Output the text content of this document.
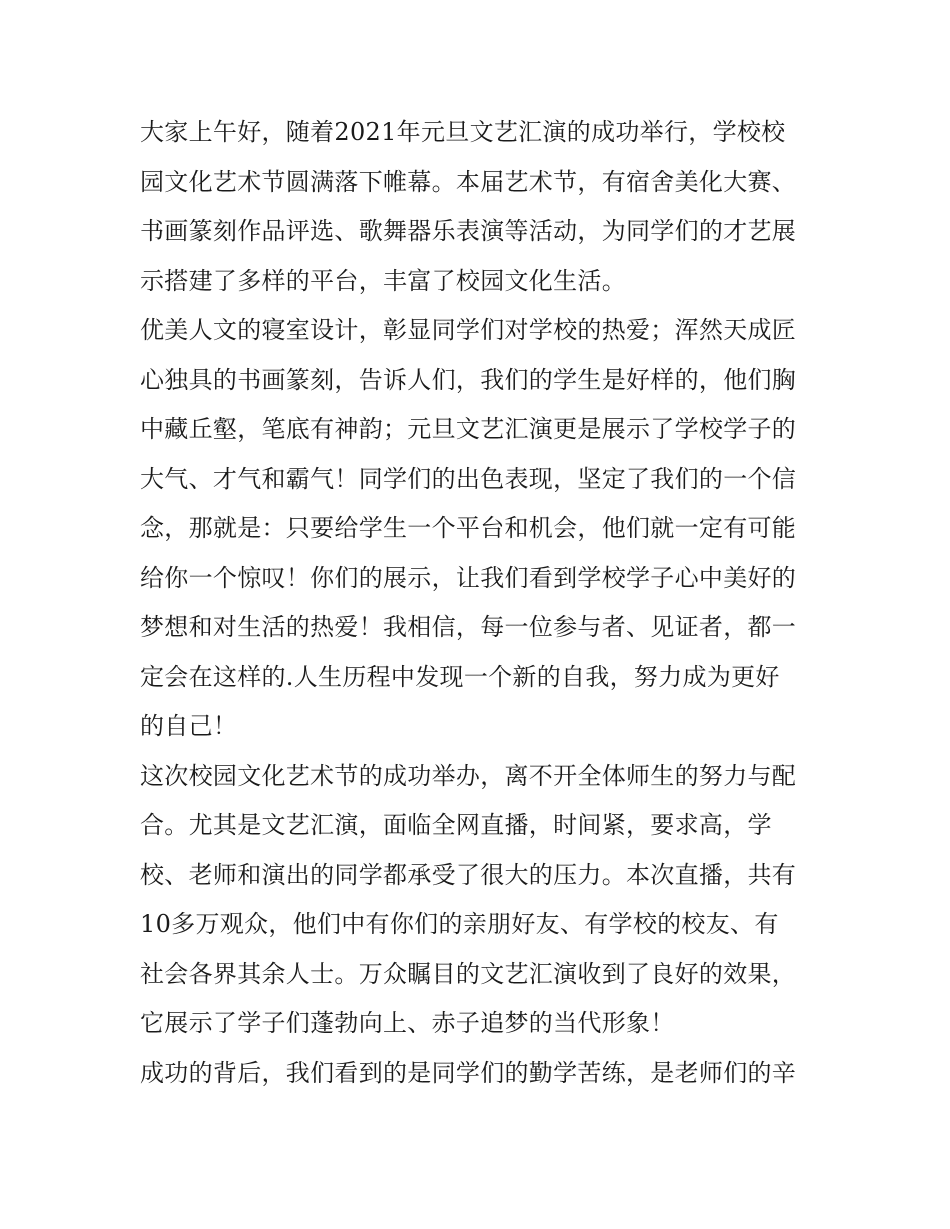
大家上午好，随着2021年元旦文艺汇演的成功举行，学校校
园文化艺术节圆满落下帷幕。本届艺术节，有宿舍美化大赛、
书画篆刻作品评选、歌舞器乐表演等活动，为同学们的才艺展
示搭建了多样的平台，丰富了校园文化生活。
优美人文的寝室设计，彰显同学们对学校的热爱；浑然天成匠
心独具的书画篆刻，告诉人们，我们的学生是好样的，他们胸
中藏丘壑，笔底有神韵；元旦文艺汇演更是展示了学校学子的
大气、才气和霸气！同学们的出色表现，坚定了我们的一个信
念，那就是：只要给学生一个平台和机会，他们就一定有可能
给你一个惊叹！你们的展示，让我们看到学校学子心中美好的
梦想和对生活的热爱！我相信，每一位参与者、见证者，都一
定会在这样的.人生历程中发现一个新的自我，努力成为更好
的自己！
这次校园文化艺术节的成功举办，离不开全体师生的努力与配
合。尤其是文艺汇演，面临全网直播，时间紧，要求高，学
校、老师和演出的同学都承受了很大的压力。本次直播，共有
10多万观众，他们中有你们的亲朋好友、有学校的校友、有
社会各界其余人士。万众瞩目的文艺汇演收到了良好的效果，
它展示了学子们蓬勃向上、赤子追梦的当代形象！
成功的背后，我们看到的是同学们的勤学苦练，是老师们的辛
